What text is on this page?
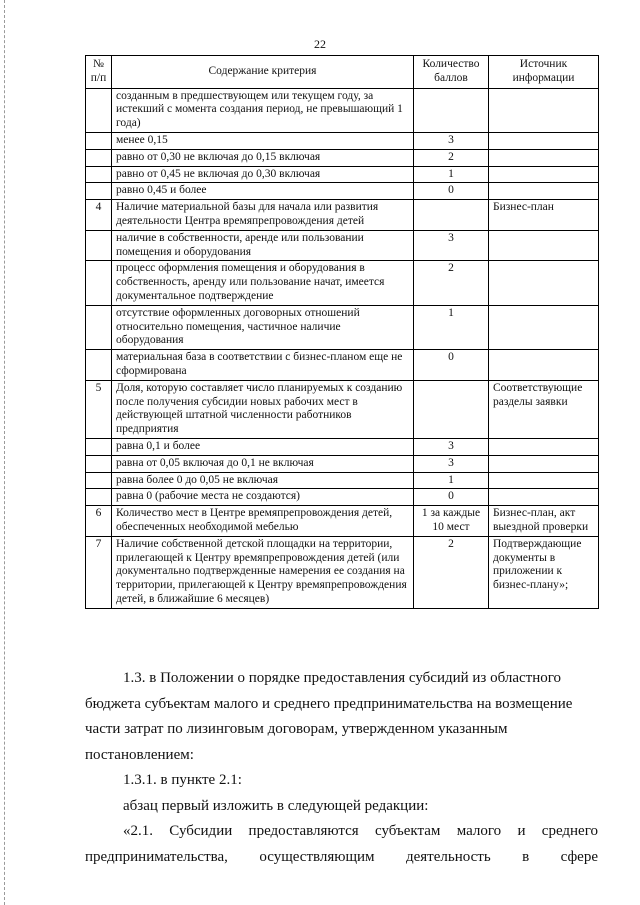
22
№ п/п	Содержание критерия	Количество баллов	Источник информации
	созданным в предшествующем или текущем году, за истекший с момента создания период, не превышающий 1 года)		
	менее 0,15	3	
	равно от 0,30 не включая до 0,15 включая	2	
	равно от 0,45 не включая до 0,30 включая	1	
	равно 0,45 и более	0	
4	Наличие материальной базы для начала или развития деятельности Центра времяпрепровождения детей		Бизнес-план
	наличие в собственности, аренде или пользовании помещения и оборудования	3	
	процесс оформления помещения и оборудования в собственность, аренду или пользование начат, имеется документальное подтверждение	2	
	отсутствие оформленных договорных отношений относительно помещения, частичное наличие оборудования	1	
	материальная база в соответствии с бизнес-планом еще не сформирована	0	
5	Доля, которую составляет число планируемых к созданию после получения субсидии новых рабочих мест в действующей штатной численности работников предприятия		Соответствующие разделы заявки
	равна 0,1 и более	3	
	равна от 0,05 включая до 0,1 не включая	3	
	равна более 0 до 0,05 не включая	1	
	равна 0 (рабочие места не создаются)	0	
6	Количество мест в Центре времяпрепровождения детей, обеспеченных необходимой мебелью	1 за каждые 10 мест	Бизнес-план, акт выездной проверки
7	Наличие собственной детской площадки на территории, прилегающей к Центру времяпрепровождения детей (или документально подтвержденные намерения ее создания на территории, прилегающей к Центру времяпрепровождения детей, в ближайшие 6 месяцев)	2	Подтверждающие документы в приложении к бизнес-плану»;

1.3. в Положении о порядке предоставления субсидий из областного бюджета субъектам малого и среднего предпринимательства на возмещение части затрат по лизинговым договорам, утвержденном указанным постановлением:

1.3.1. в пункте 2.1:

абзац первый изложить в следующей редакции:

«2.1. Субсидии предоставляются субъектам малого и среднего предпринимательства, осуществляющим деятельность в сфере
